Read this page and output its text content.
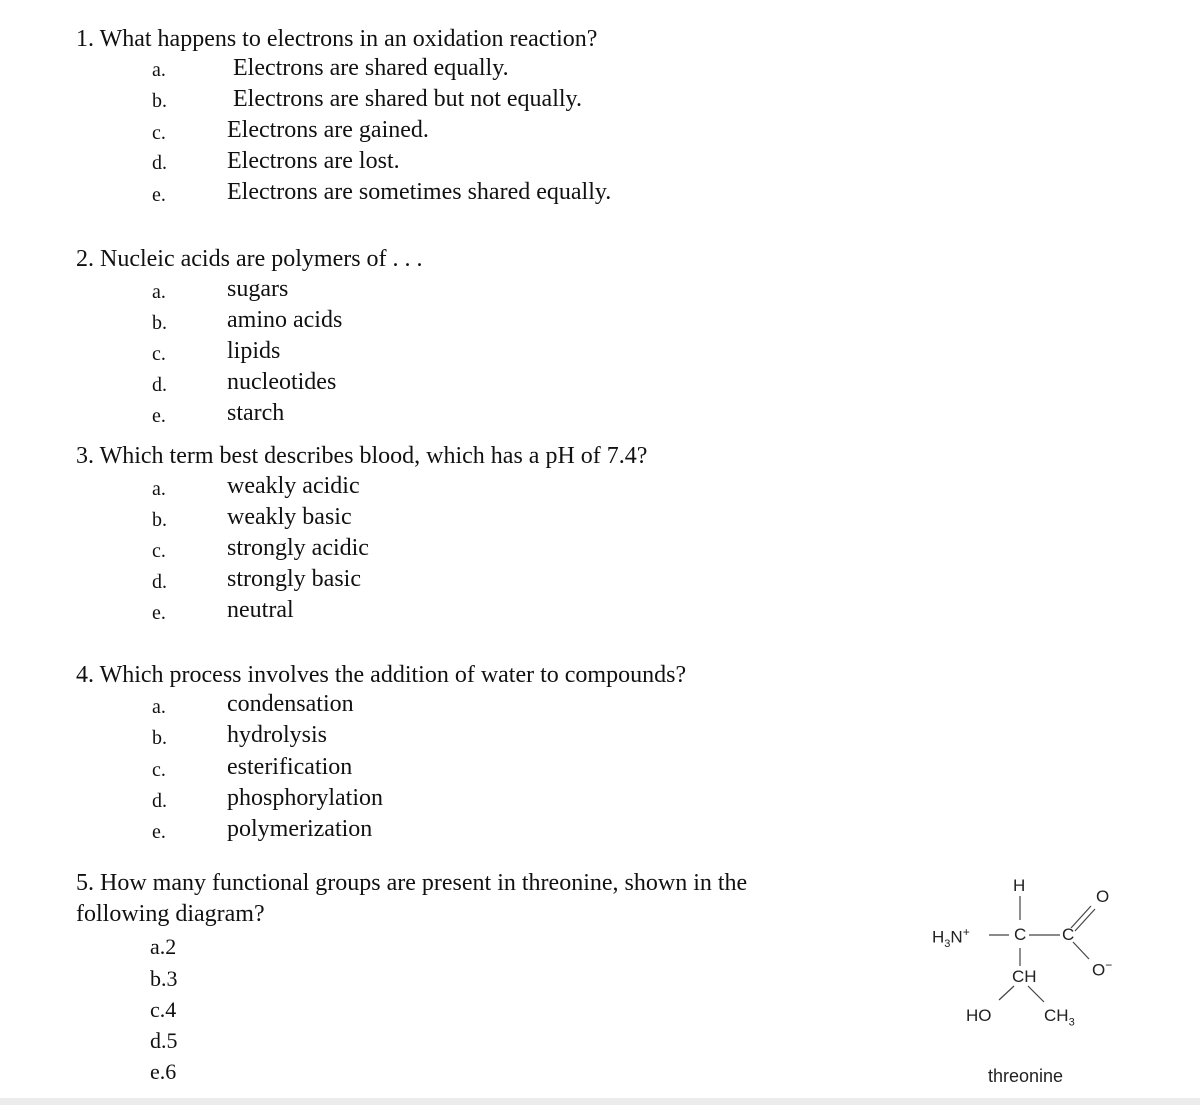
1. What happens to electrons in an oxidation reaction?
a.	Electrons are shared equally.
b.	Electrons are shared but not equally.
c.	Electrons are gained.
d.	Electrons are lost.
e.	Electrons are sometimes shared equally.
2. Nucleic acids are polymers of . . .
a.	sugars
b.	amino acids
c.	lipids
d.	nucleotides
e.	starch
3. Which term best describes blood, which has a pH of 7.4?
a.	weakly acidic
b.	weakly basic
c.	strongly acidic
d.	strongly basic
e.	neutral
4. Which process involves the addition of water to compounds?
a.	condensation
b.	hydrolysis
c.	esterification
d.	phosphorylation
e.	polymerization
5. How many functional groups are present in threonine, shown in the
following diagram?
a.2
b.3
c.4
d.5
e.6
H
$H_3N^+$	C C
O
O−
CH
HO	$CH_3$
threonine
